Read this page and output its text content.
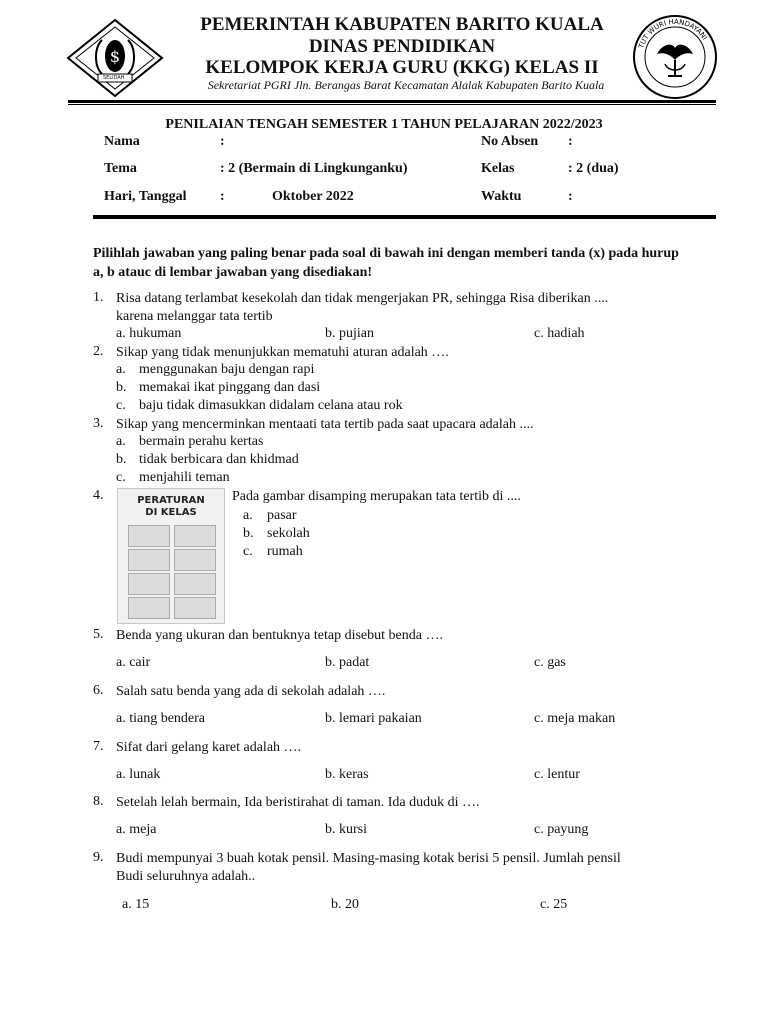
$
SELIDAH
TUT WURI HANDAYANI
PEMERINTAH KABUPATEN BARITO KUALA
DINAS PENDIDIKAN
KELOMPOK KERJA GURU (KKG) KELAS II
Sekretariat PGRI Jln. Berangas Barat Kecamatan Alalak Kabupaten Barito Kuala
PENILAIAN TENGAH SEMESTER 1 TAHUN PELAJARAN 2022/2023
Nama	:	No Absen :
Tema	: 2 (Bermain di Lingkunganku)	Kelas	: 2 (dua)
Hari, Tanggal :	Oktober 2022	Waktu	:
Pilihlah jawaban yang paling benar pada soal di bawah ini dengan memberi tanda (x) pada hurup a, b atauc di lembar jawaban yang disediakan!
1. Risa datang terlambat kesekolah dan tidak mengerjakan PR, sehingga Risa diberikan ....
karena melanggar tata tertib
a. hukuman	b. pujian	c. hadiah
2. Sikap yang tidak menunjukkan mematuhi aturan adalah ….
a. menggunakan baju dengan rapi
b. memakai ikat pinggang dan dasi
c. baju tidak dimasukkan didalam celana atau rok
3. Sikap yang mencerminkan mentaati tata tertib pada saat upacara adalah ....
a. bermain perahu kertas
b. tidak berbicara dan khidmad
c. menjahili teman
4.	PERATURAN
DI KELAS
Pada gambar disamping merupakan tata tertib di ....
a. pasar
b. sekolah
c. rumah
5. Benda yang ukuran dan bentuknya tetap disebut benda ….
a. cair	b. padat	c. gas
6. Salah satu benda yang ada di sekolah adalah ….
a. tiang bendera	b. lemari pakaian	c. meja makan
7. Sifat dari gelang karet adalah ….
a. lunak	b. keras	c. lentur
8. Setelah lelah bermain, Ida beristirahat di taman. Ida duduk di ….
a. meja	b. kursi	c. payung
9. Budi mempunyai 3 buah kotak pensil. Masing-masing kotak berisi 5 pensil. Jumlah pensil
Budi seluruhnya adalah..
a. 15	b. 20	c. 25
